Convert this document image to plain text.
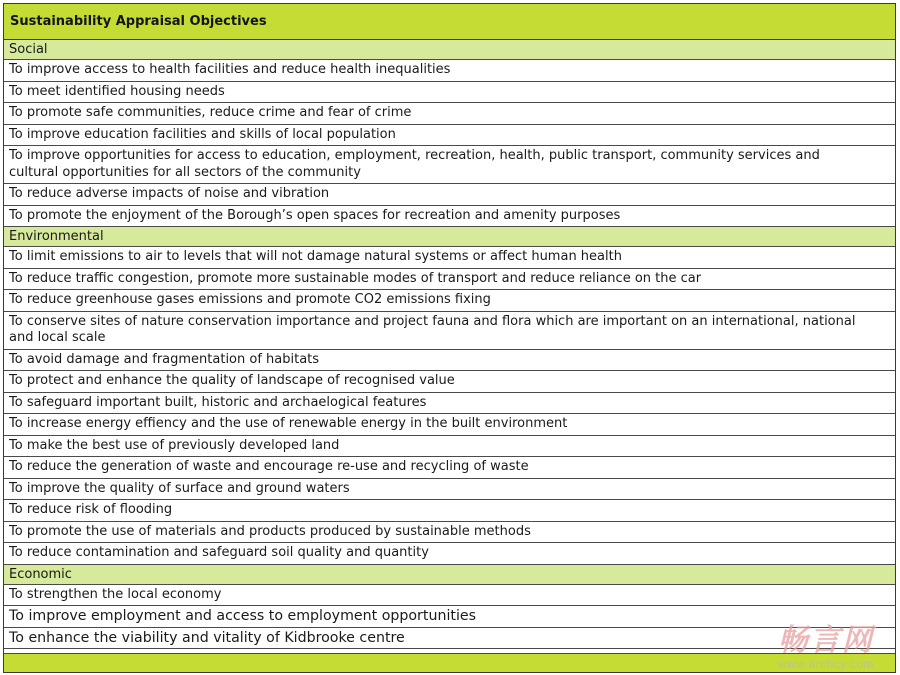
Sustainability Appraisal Objectives
Social
To improve access to health facilities and reduce health inequalities
To meet identified housing needs
To promote safe communities, reduce crime and fear of crime
To improve education facilities and skills of local population
To improve opportunities for access to education, employment, recreation, health, public transport, community services and cultural opportunities for all sectors of the community
To reduce adverse impacts of noise and vibration
To promote the enjoyment of the Borough’s open spaces for recreation and amenity purposes
Environmental
To limit emissions to air to levels that will not damage natural systems or affect human health
To reduce traffic congestion, promote more sustainable modes of transport and reduce reliance on the car
To reduce greenhouse gases emissions and promote CO2 emissions fixing
To conserve sites of nature conservation importance and project fauna and flora which are important on an international, national and local scale
To avoid damage and fragmentation of habitats
To protect and enhance the quality of landscape of recognised value
To safeguard important built, historic and archaelogical features
To increase energy effiency and the use of renewable energy in the built environment
To make the best use of previously developed land
To reduce the generation of waste and encourage re-use and recycling of waste
To improve the quality of surface and ground waters
To reduce risk of flooding
To promote the use of materials and products produced by sustainable methods
To reduce contamination and safeguard soil quality and quantity
Economic
To strengthen the local economy
To improve employment and access to employment opportunities
To enhance the viability and vitality of Kidbrooke centre	畅言网
www.archcy.com
